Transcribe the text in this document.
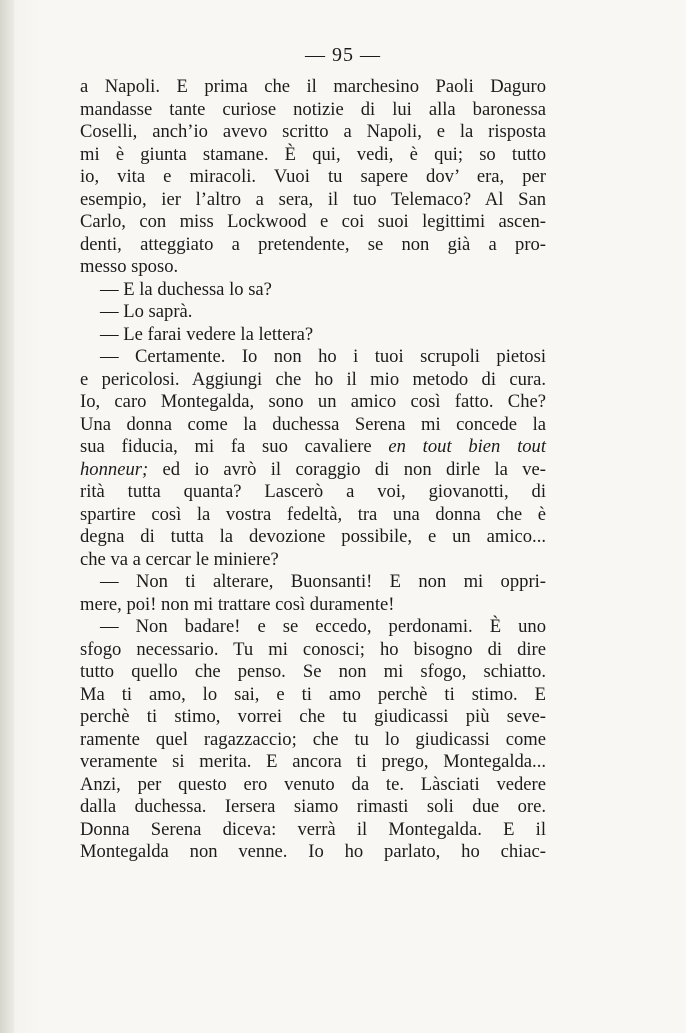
— 95 —
a Napoli. E prima che il marchesino Paoli Daguro
mandasse tante curiose notizie di lui alla baronessa
Coselli, anch’io avevo scritto a Napoli, e la risposta
mi è giunta stamane. È qui, vedi, è qui; so tutto
io, vita e miracoli. Vuoi tu sapere dov’ era, per
esempio, ier l’altro a sera, il tuo Telemaco? Al San
Carlo, con miss Lockwood e coi suoi legittimi ascen-
denti, atteggiato a pretendente, se non già a pro-
messo sposo.
— E la duchessa lo sa?
— Lo saprà.
— Le farai vedere la lettera?
— Certamente. Io non ho i tuoi scrupoli pietosi
e pericolosi. Aggiungi che ho il mio metodo di cura.
Io, caro Montegalda, sono un amico così fatto. Che?
Una donna come la duchessa Serena mi concede la
sua fiducia, mi fa suo cavaliere en tout bien tout
honneur; ed io avrò il coraggio di non dirle la ve-
rità tutta quanta? Lascerò a voi, giovanotti, di
spartire così la vostra fedeltà, tra una donna che è
degna di tutta la devozione possibile, e un amico...
che va a cercar le miniere?
— Non ti alterare, Buonsanti! E non mi oppri-
mere, poi! non mi trattare così duramente!
— Non badare! e se eccedo, perdonami. È uno
sfogo necessario. Tu mi conosci; ho bisogno di dire
tutto quello che penso. Se non mi sfogo, schiatto.
Ma ti amo, lo sai, e ti amo perchè ti stimo. E
perchè ti stimo, vorrei che tu giudicassi più seve-
ramente quel ragazzaccio; che tu lo giudicassi come
veramente si merita. E ancora ti prego, Montegalda...
Anzi, per questo ero venuto da te. Làsciati vedere
dalla duchessa. Iersera siamo rimasti soli due ore.
Donna Serena diceva: verrà il Montegalda. E il
Montegalda non venne. Io ho parlato, ho chiac-
